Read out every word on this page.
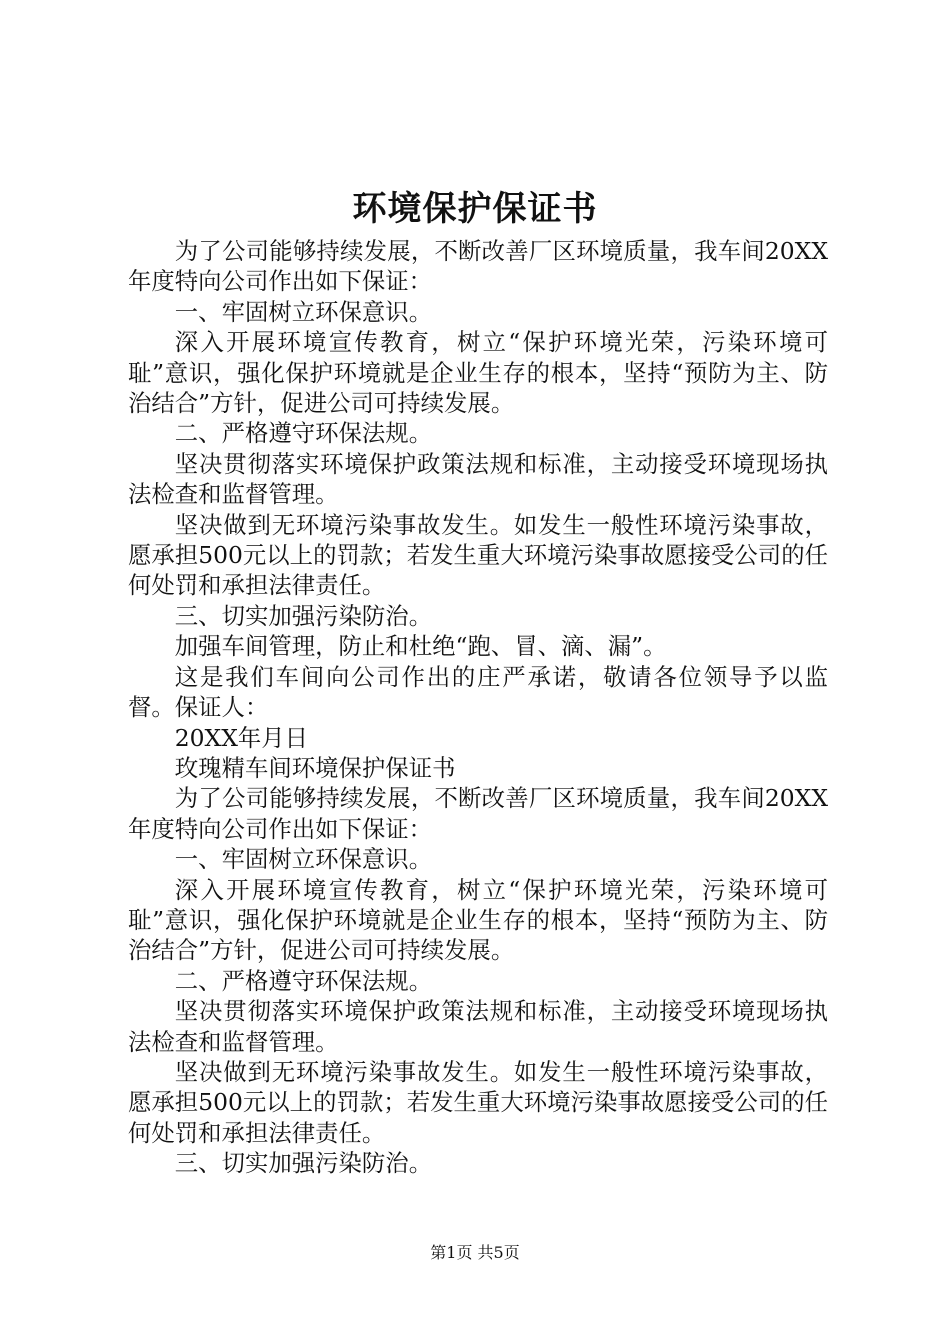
环境保护保证书

为了公司能够持续发展，不断改善厂区环境质量，我车间20XX年度特向公司作出如下保证：

一、牢固树立环保意识。

深入开展环境宣传教育，树立“保护环境光荣，污染环境可耻”意识，强化保护环境就是企业生存的根本，坚持“预防为主、防治结合”方针，促进公司可持续发展。

二、严格遵守环保法规。

坚决贯彻落实环境保护政策法规和标准，主动接受环境现场执法检查和监督管理。

坚决做到无环境污染事故发生。如发生一般性环境污染事故，愿承担500元以上的罚款；若发生重大环境污染事故愿接受公司的任何处罚和承担法律责任。

三、切实加强污染防治。

加强车间管理，防止和杜绝“跑、冒、滴、漏”。

这是我们车间向公司作出的庄严承诺，敬请各位领导予以监督。保证人：

20XX年月日

玫瑰精车间环境保护保证书

为了公司能够持续发展，不断改善厂区环境质量，我车间20XX年度特向公司作出如下保证：

一、牢固树立环保意识。

深入开展环境宣传教育，树立“保护环境光荣，污染环境可耻”意识，强化保护环境就是企业生存的根本，坚持“预防为主、防治结合”方针，促进公司可持续发展。

二、严格遵守环保法规。

坚决贯彻落实环境保护政策法规和标准，主动接受环境现场执法检查和监督管理。

坚决做到无环境污染事故发生。如发生一般性环境污染事故，愿承担500元以上的罚款；若发生重大环境污染事故愿接受公司的任何处罚和承担法律责任。

三、切实加强污染防治。

第1页 共5页
